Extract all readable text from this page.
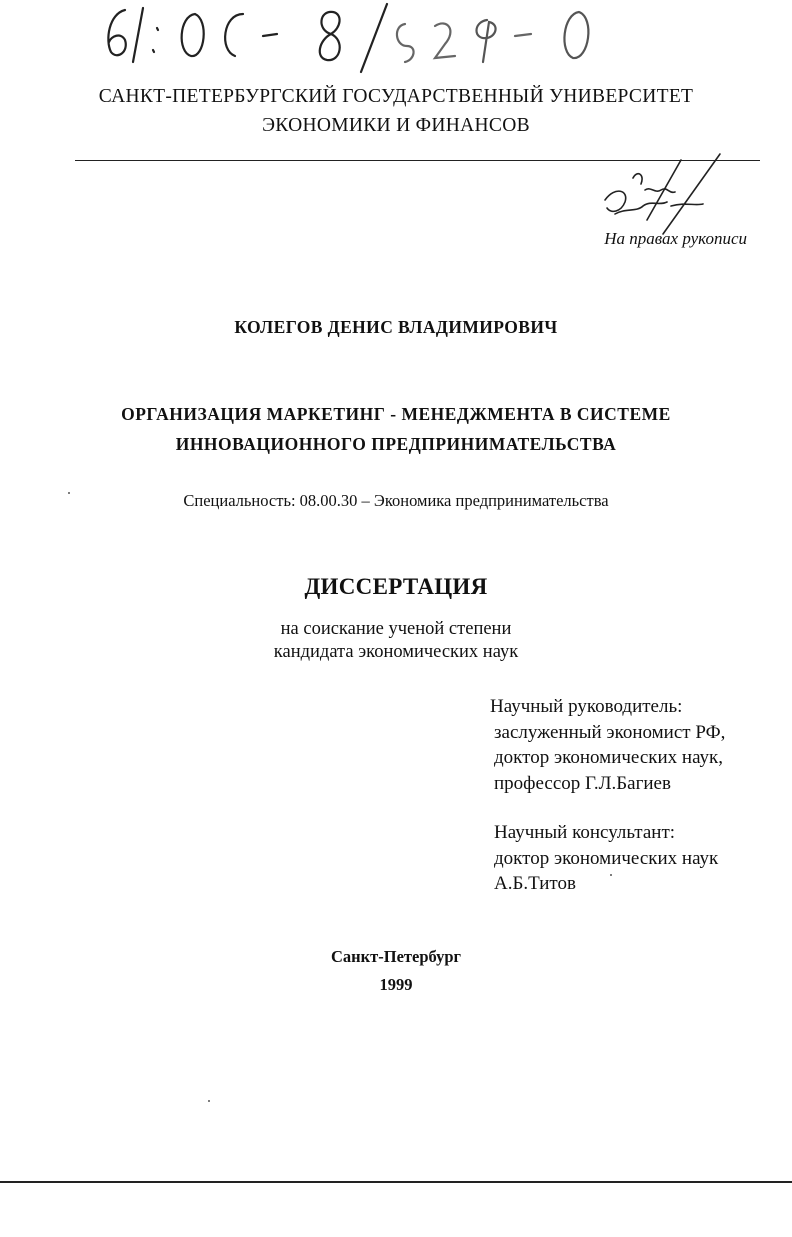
САНКТ-ПЕТЕРБУРГСКИЙ ГОСУДАРСТВЕННЫЙ УНИВЕРСИТЕТ
ЭКОНОМИКИ И ФИНАНСОВ
На правах рукописи
КОЛЕГОВ ДЕНИС ВЛАДИМИРОВИЧ
ОРГАНИЗАЦИЯ МАРКЕТИНГ - МЕНЕДЖМЕНТА В СИСТЕМЕ
ИННОВАЦИОННОГО ПРЕДПРИНИМАТЕЛЬСТВА
Специальность: 08.00.30 – Экономика предпринимательства
ДИССЕРТАЦИЯ
на соискание ученой степени
кандидата экономических наук
Научный руководитель:
заслуженный экономист РФ,
доктор экономических наук,
профессор Г.Л.Багиев
Научный консультант:
доктор экономических наук
А.Б.Титов
Санкт-Петербург
1999
